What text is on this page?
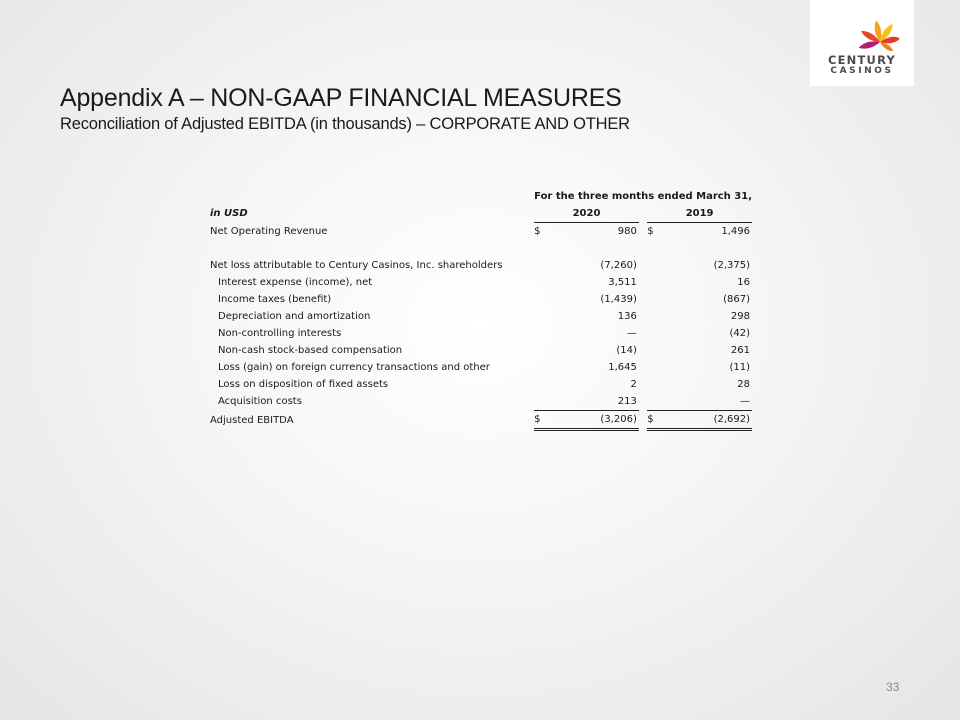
CENTURY
CASINOS
Appendix A – NON-GAAP FINANCIAL MEASURES
Reconciliation of Adjusted EBITDA (in thousands) – CORPORATE AND OTHER
	For the three months ended March 31,				
in USD	2020			2019	
Net Operating Revenue	$	980		$	1,496

Net loss attributable to Century Casinos, Inc. shareholders		(7,260)			(2,375)
Interest expense (income), net		3,511			16
Income taxes (benefit)		(1,439)			(867)
Depreciation and amortization		136			298
Non-controlling interests		—			(42)
Non-cash stock-based compensation		(14)			261
Loss (gain) on foreign currency transactions and other		1,645			(11)
Loss on disposition of fixed assets		2			28
Acquisition costs		213			—
Adjusted EBITDA	$	(3,206)		$	(2,692)
33
